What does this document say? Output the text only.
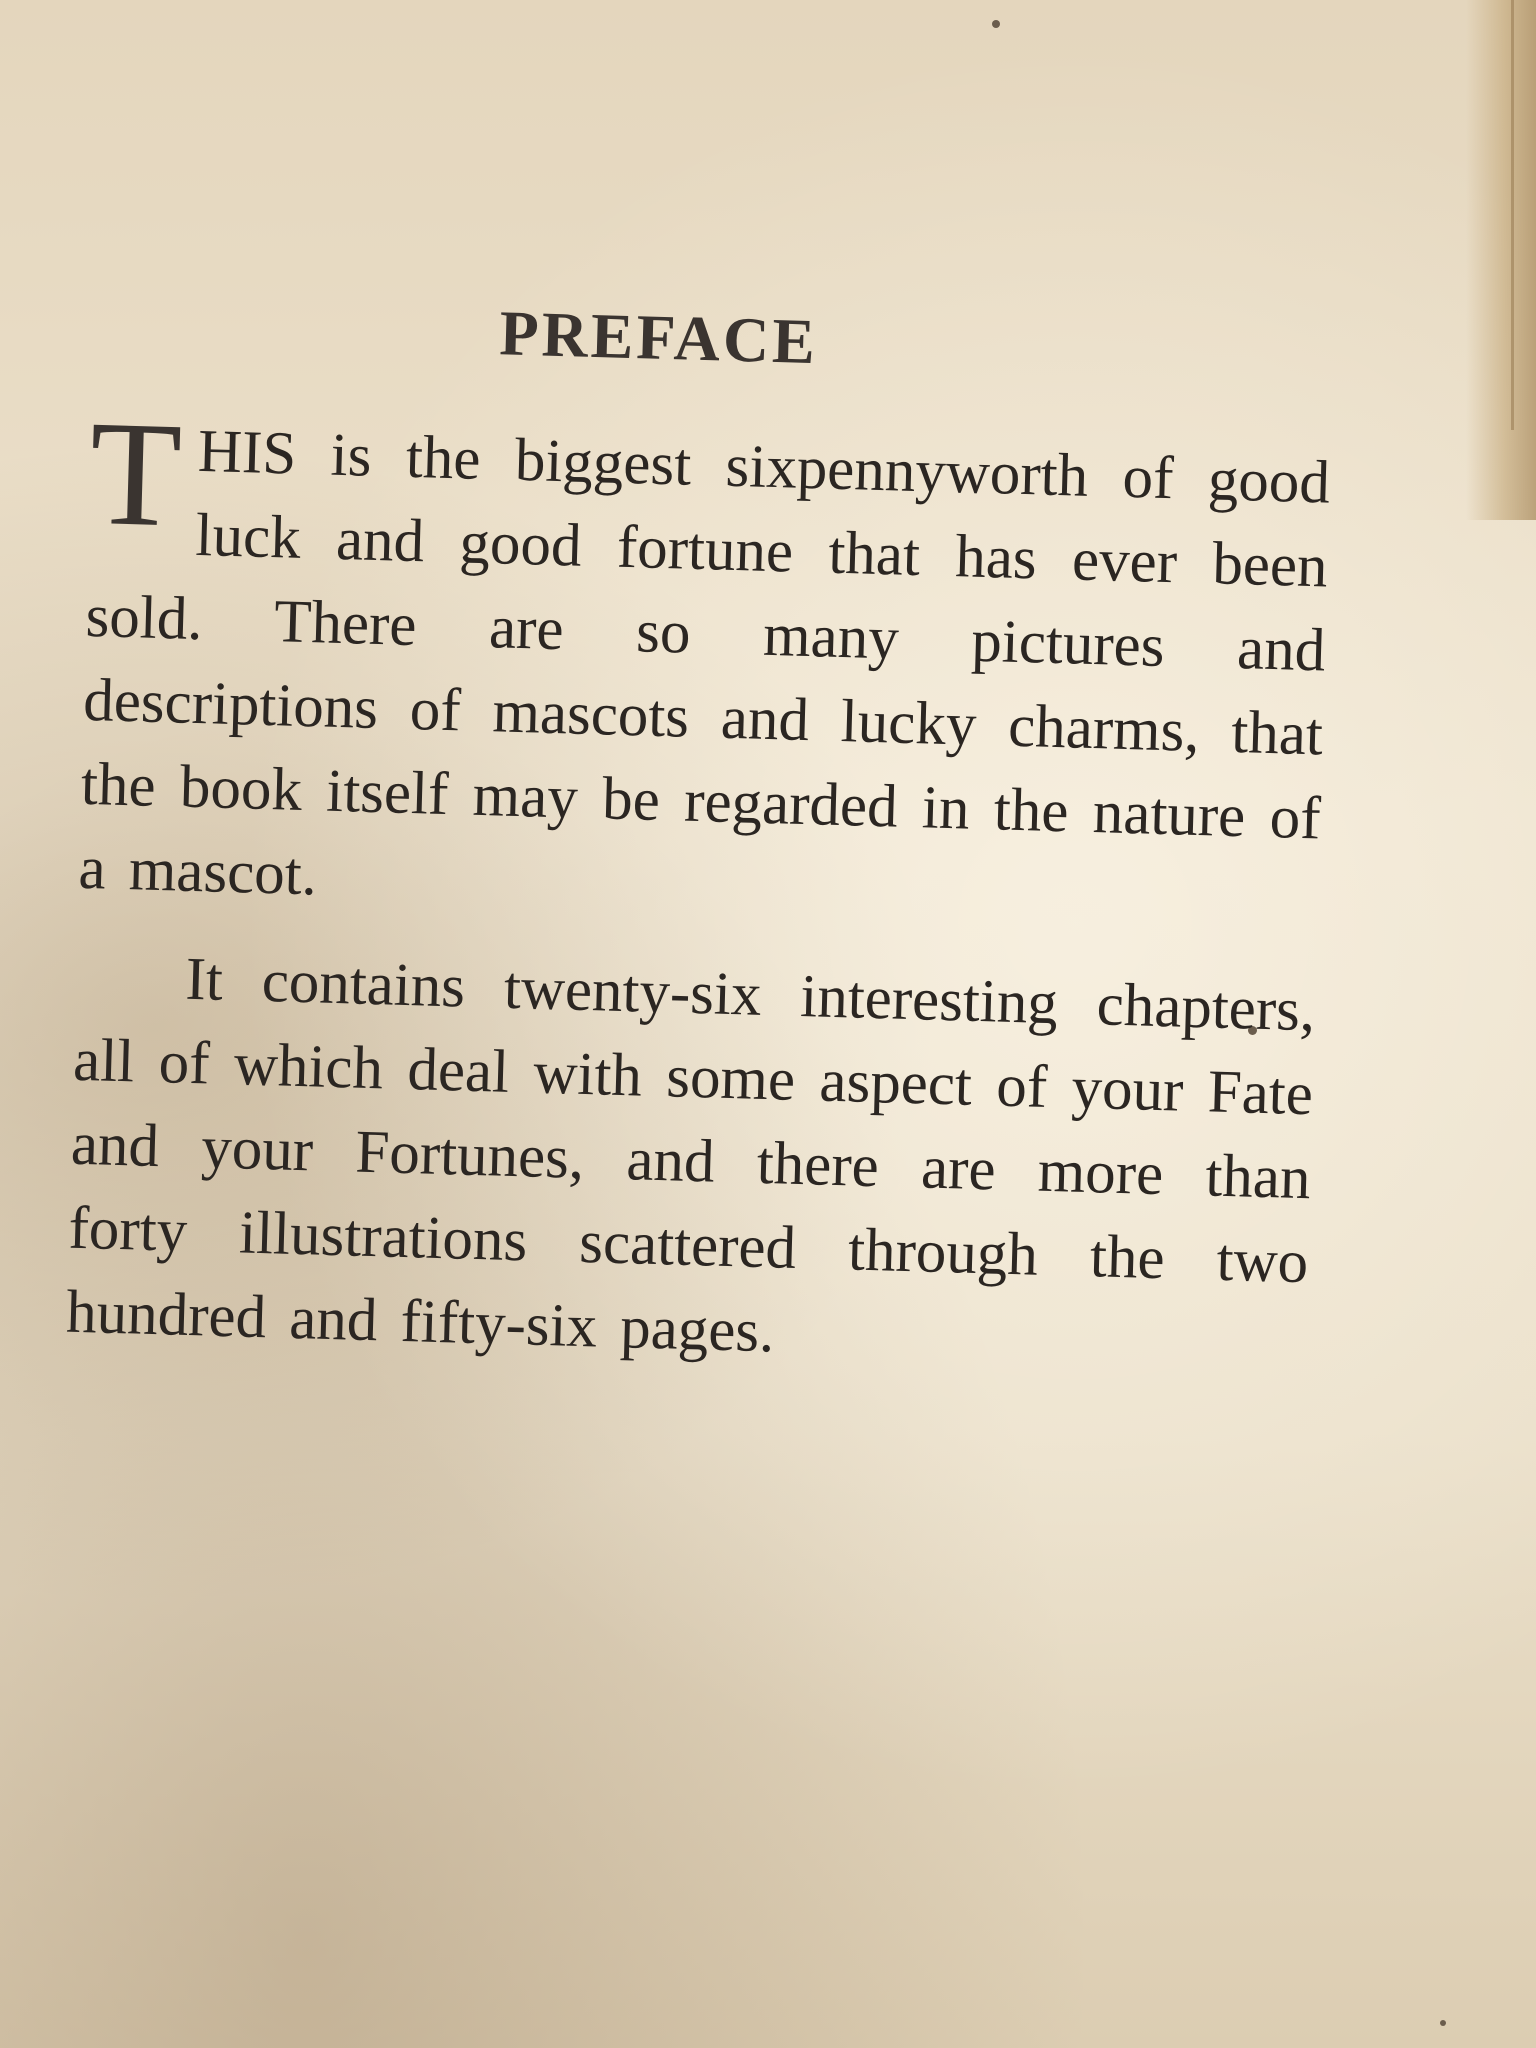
PREFACE

THIS is the biggest sixpennyworth of good luck and good fortune that has ever been sold. There are so many pictures and descriptions of mascots and lucky charms, that the book itself may be regarded in the nature of a mascot.

It contains twenty-six interesting chapters, all of which deal with some aspect of your Fate and your Fortunes, and there are more than forty illustrations scattered through the two hundred and fifty-six pages.
